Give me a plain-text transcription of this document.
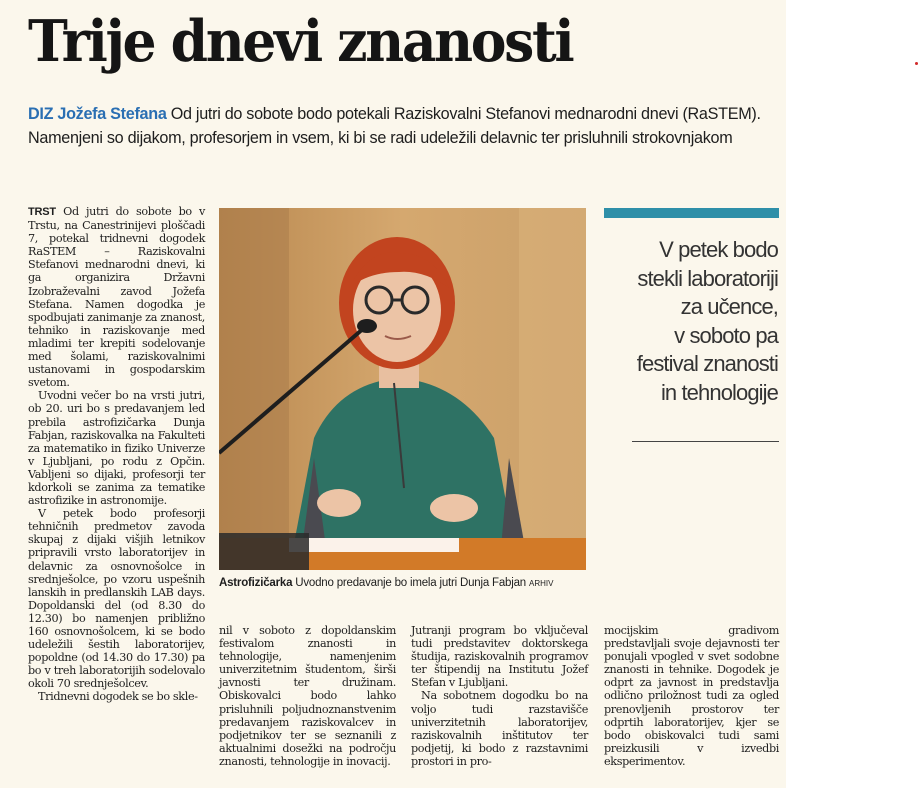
Trije dnevi znanosti

DIZ Jožefa Stefana Od jutri do sobote bodo potekali Raziskovalni Stefanovi mednarodni dnevi (RaSTEM). Namenjeni so dijakom, profesorjem in vsem, ki bi se radi udeležili delavnic ter prisluhnili strokovnjakom

TRST Od jutri do sobote bo v Trstu, na Canestrinijevi ploščadi 7, potekal tridnevni dogodek RaSTEM – Raziskovalni Stefanovi mednarodni dnevi, ki ga organizira Državni Izobraževalni zavod Jožefa Stefana. Namen dogodka je spodbujati zanimanje za znanost, tehniko in raziskovanje med mladimi ter krepiti sodelovanje med šolami, raziskovalnimi ustanovami in gospodarskim svetom.

Uvodni večer bo na vrsti jutri, ob 20. uri bo s predavanjem led prebila astrofizičarka Dunja Fabjan, raziskovalka na Fakulteti za matematiko in fiziko Univerze v Ljubljani, po rodu z Opčin. Vabljeni so dijaki, profesorji ter kdorkoli se zanima za tematike astrofizike in astronomije.

V petek bodo profesorji tehničnih predmetov zavoda skupaj z dijaki višjih letnikov pripravili vrsto laboratorijev in delavnic za osnovnošolce in srednješolce, po vzoru uspešnih lanskih in predlanskih LAB days. Dopoldanski del (od 8.30 do 12.30) bo namenjen približno 160 osnovnošolcem, ki se bodo udeležili šestih laboratorijev, popoldne (od 14.30 do 17.30) pa bo v treh laboratorijih sodelovalo okoli 70 srednješolcev.

Tridnevni dogodek se bo skle-

Astrofizičarka Uvodno predavanje bo imela jutri Dunja Fabjan ARHIV

V petek bodo
stekli laboratoriji
za učence,
v soboto pa
festival znanosti
in tehnologije

nil v soboto z dopoldanskim festivalom znanosti in tehnologije, namenjenim univerzitetnim študentom, širši javnosti ter družinam. Obiskovalci bodo lahko prisluhnili poljudnoznanstvenim predavanjem raziskovalcev in podjetnikov ter se seznanili z aktualnimi dosežki na področju znanosti, tehnologije in inovacij.

Jutranji program bo vključeval tudi predstavitev doktorskega študija, raziskovalnih programov ter štipendij na Institutu Jožef Stefan v Ljubljani.

Na sobotnem dogodku bo na voljo tudi razstavišče univerzitetnih laboratorijev, raziskovalnih inštitutov ter podjetij, ki bodo z razstavnimi prostori in pro-

mocijskim gradivom predstavljali svoje dejavnosti ter ponujali vpogled v svet sodobne znanosti in tehnike. Dogodek je odprt za javnost in predstavlja odlično priložnost tudi za ogled prenovljenih prostorov ter odprtih laboratorijev, kjer se bodo obiskovalci tudi sami preizkusili v izvedbi eksperimentov.
